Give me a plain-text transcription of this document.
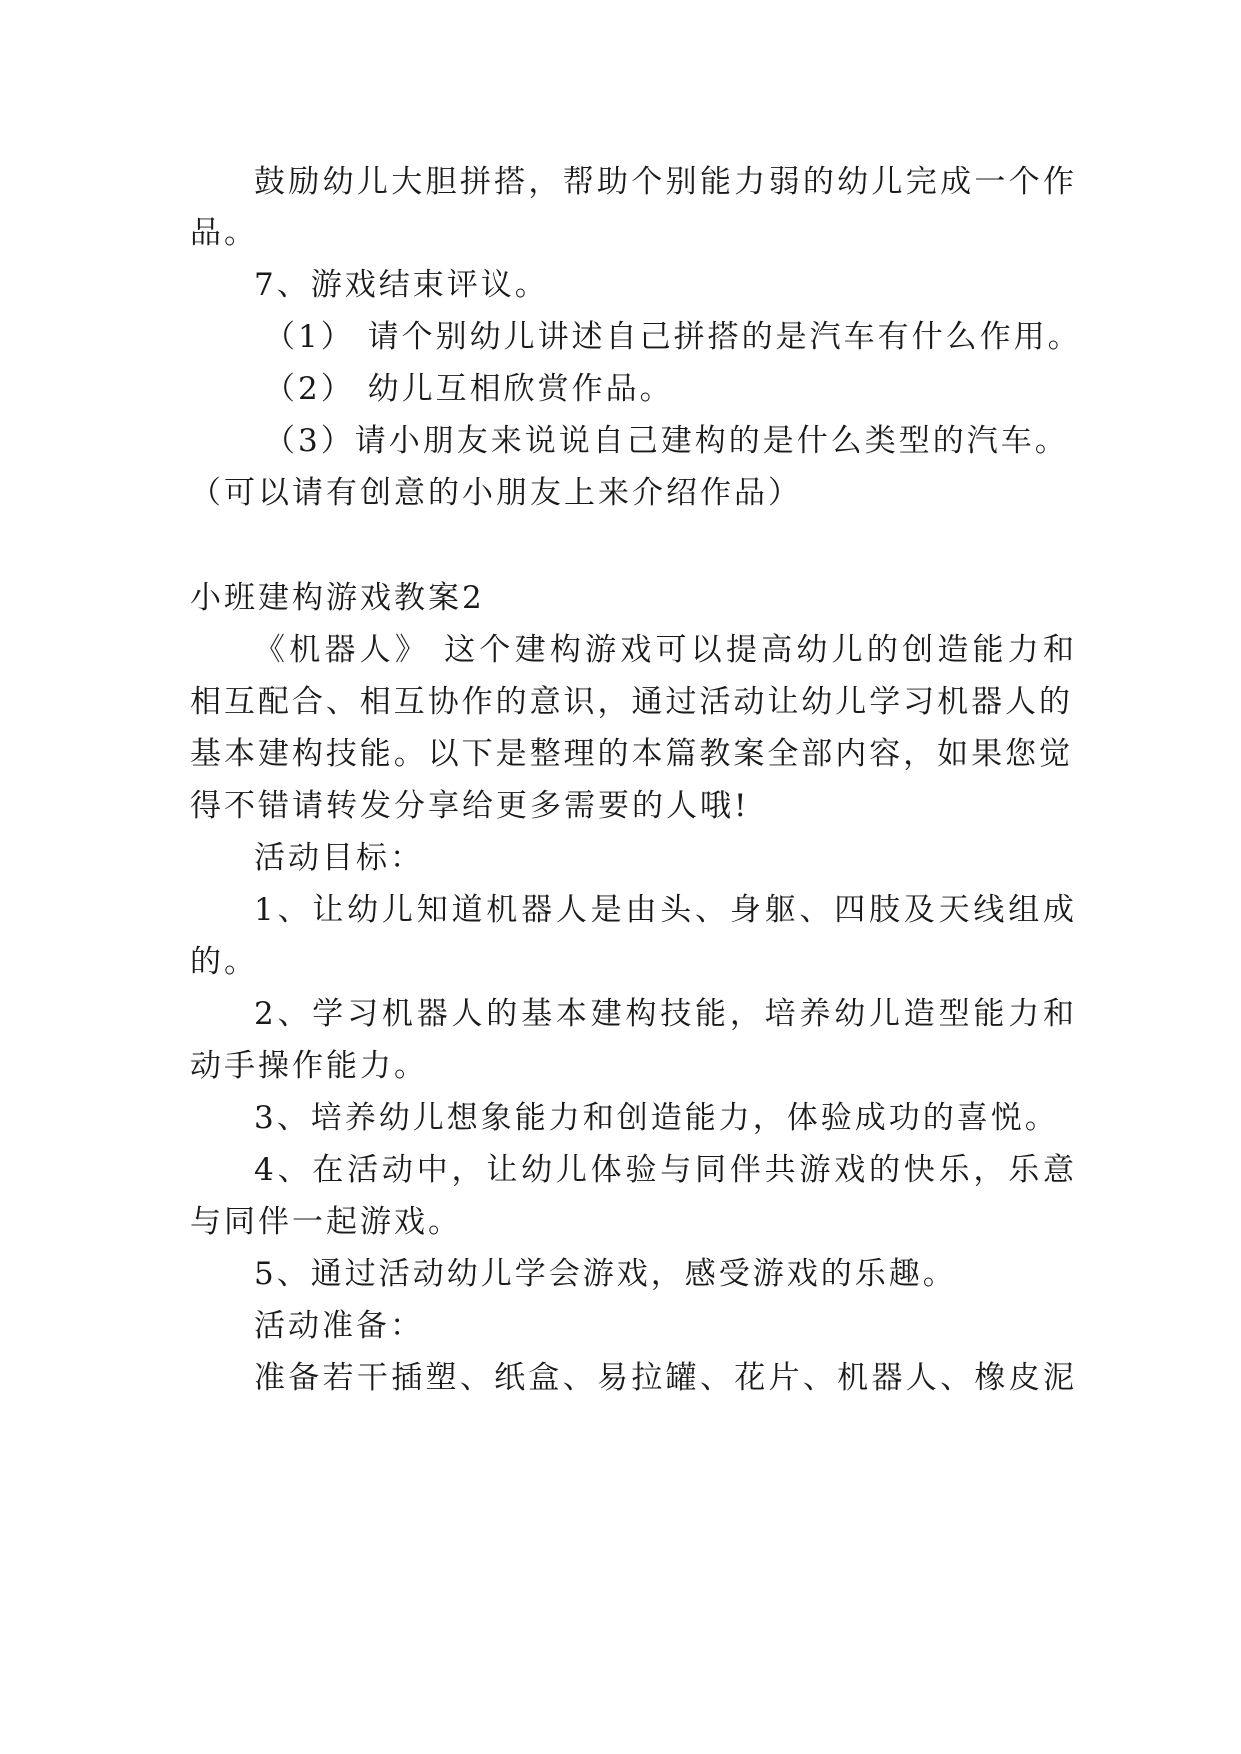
鼓励幼儿大胆拼搭，帮助个别能力弱的幼儿完成一个作
品。
7、游戏结束评议。
（1） 请个别幼儿讲述自己拼搭的是汽车有什么作用。
（2） 幼儿互相欣赏作品。
（3）请小朋友来说说自己建构的是什么类型的汽车。
（可以请有创意的小朋友上来介绍作品）
小班建构游戏教案2
《机器人》 这个建构游戏可以提高幼儿的创造能力和
相互配合、相互协作的意识，通过活动让幼儿学习机器人的
基本建构技能。以下是整理的本篇教案全部内容，如果您觉
得不错请转发分享给更多需要的人哦!
活动目标：
1、让幼儿知道机器人是由头、身躯、四肢及天线组成
的。
2、学习机器人的基本建构技能，培养幼儿造型能力和
动手操作能力。
3、培养幼儿想象能力和创造能力，体验成功的喜悦。
4、在活动中，让幼儿体验与同伴共游戏的快乐，乐意
与同伴一起游戏。
5、通过活动幼儿学会游戏，感受游戏的乐趣。
活动准备：
准备若干插塑、纸盒、易拉罐、花片、机器人、橡皮泥
